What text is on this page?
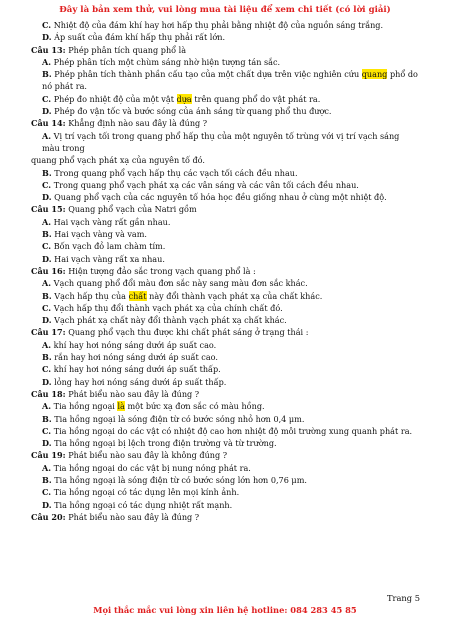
Đây là bản xem thử, vui lòng mua tài liệu để xem chi tiết (có lời giải)
C. Nhiệt độ của đám khí hay hơi hấp thụ phải bằng nhiệt độ của nguồn sáng trắng.
D. Áp suất của đám khí hấp thụ phải rất lớn.
Câu 13: Phép phân tích quang phổ là
A. Phép phân tích một chùm sáng nhờ hiện tượng tán sắc.
B. Phép phân tích thành phần cấu tạo của một chất dựa trên việc nghiên cứu quang phổ do nó phát ra.
C. Phép đo nhiệt độ của một vật dựa trên quang phổ do vật phát ra.
D. Phép đo vận tốc và bước sóng của ánh sáng từ quang phổ thu được.
Câu 14: Khẳng định nào sau đây là đúng ?
A. Vị trí vạch tối trong quang phổ hấp thụ của một nguyên tố trùng với vị trí vạch sáng màu trong
quang phổ vạch phát xạ của nguyên tố đó.
B. Trong quang phổ vạch hấp thụ các vạch tối cách đều nhau.
C. Trong quang phổ vạch phát xạ các vân sáng và các vân tối cách đều nhau.
D. Quang phổ vạch của các nguyên tố hóa học đều giống nhau ở cùng một nhiệt độ.
Câu 15: Quang phổ vạch của Natri gồm
A. Hai vạch vàng rất gần nhau.
B. Hai vạch vàng và vam.
C. Bốn vạch đỏ lam chàm tím.
D. Hai vạch vàng rất xa nhau.
Câu 16: Hiện tượng đảo sắc trong vạch quang phổ là :
A. Vạch quang phổ đổi màu đơn sắc này sang màu đơn sắc khác.
B. Vạch hấp thụ của chất này đổi thành vạch phát xạ của chất khác.
C. Vạch hấp thụ đổi thành vạch phát xạ của chính chất đó.
D. Vạch phát xạ chất này đổi thành vạch phát xạ chất khác.
Câu 17: Quang phổ vạch thu được khi chất phát sáng ở trạng thái :
A. khí hay hơi nóng sáng dưới áp suất cao.
B. rắn hay hơi nóng sáng dưới áp suất cao.
C. khí hay hơi nóng sáng dưới áp suất thấp.
D. lỏng hay hơi nóng sáng dưới áp suất thấp.
Câu 18: Phát biểu nào sau đây là đúng ?
A. Tia hồng ngoại là một bức xạ đơn sắc có màu hồng.
B. Tia hồng ngoại là sóng điện từ có bước sóng nhỏ hơn 0,4 μm.
C. Tia hồng ngoại do các vật có nhiệt độ cao hơn nhiệt độ môi trường xung quanh phát ra.
D. Tia hồng ngoại bị lệch trong điện trường và từ trường.
Câu 19: Phát biểu nào sau đây là không đúng ?
A. Tia hồng ngoại do các vật bị nung nóng phát ra.
B. Tia hồng ngoại là sóng điện từ có bước sóng lớn hơn 0,76 μm.
C. Tia hồng ngoại có tác dụng lên mọi kính ảnh.
D. Tia hồng ngoại có tác dụng nhiệt rất mạnh.
Câu 20: Phát biểu nào sau đây là đúng ?
Trang 5
Mọi thắc mắc vui lòng xin liên hệ hotline: 084 283 45 85
